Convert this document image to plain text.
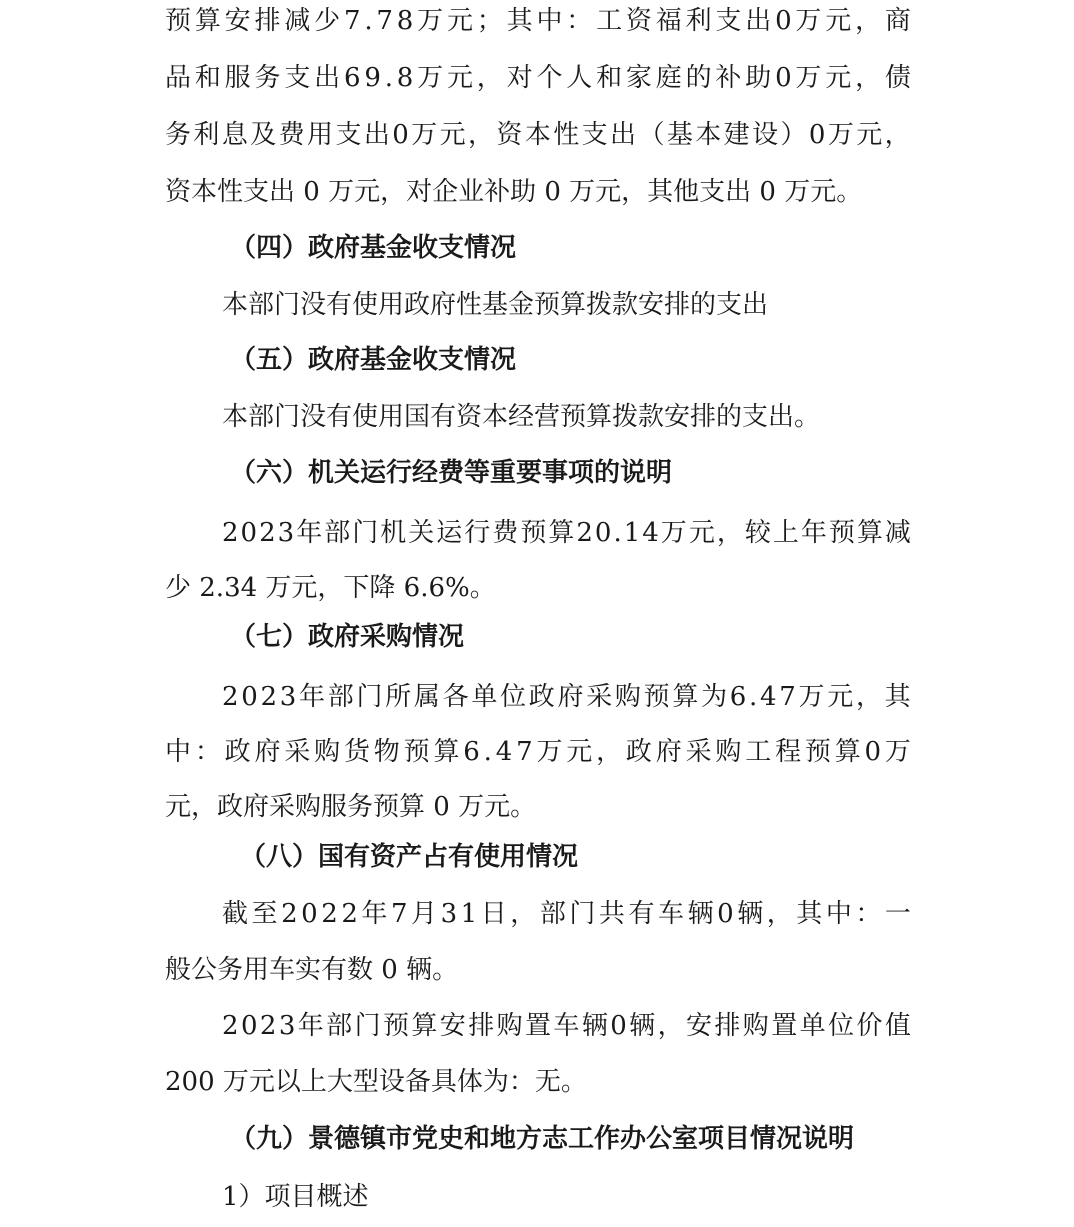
预 算 安 排 减 少 7 . 7 8 万 元 ； 其 中 ： 工 资 福 利 支 出 0 万 元 ， 商
品 和 服 务 支 出 6 9 . 8 万 元 ， 对 个 人 和 家 庭 的 补 助 0 万 元 ， 债
务 利 息 及 费 用 支 出 0 万 元 ， 资 本 性 支 出 （ 基 本 建 设 ） 0 万 元 ，
资本性支出 0 万元，对企业补助 0 万元，其他支出 0 万元。
（四）政府基金收支情况
本部门没有使用政府性基金预算拨款安排的支出
（五）政府基金收支情况
本部门没有使用国有资本经营预算拨款安排的支出。
（六）机关运行经费等重要事项的说明
2 0 2 3 年 部 门 机 关 运 行 费 预 算 2 0 . 1 4 万 元 ， 较 上 年 预 算 减
少 2.34 万元，下降 6.6%。
（七）政府采购情况
2 0 2 3 年 部 门 所 属 各 单 位 政 府 采 购 预 算 为 6 . 4 7 万 元 ， 其
中 ： 政 府 采 购 货 物 预 算 6 . 4 7 万 元 ， 政 府 采 购 工 程 预 算 0 万
元，政府采购服务预算 0 万元。
（八）国有资产占有使用情况
截 至 2 0 2 2 年 7 月 3 1 日 ， 部 门 共 有 车 辆 0 辆 ， 其 中 ： 一
般公务用车实有数 0 辆。
2 0 2 3 年 部 门 预 算 安 排 购 置 车 辆 0 辆 ， 安 排 购 置 单 位 价 值
200 万元以上大型设备具体为：无。
（九）景德镇市党史和地方志工作办公室项目情况说明
1）项目概述
